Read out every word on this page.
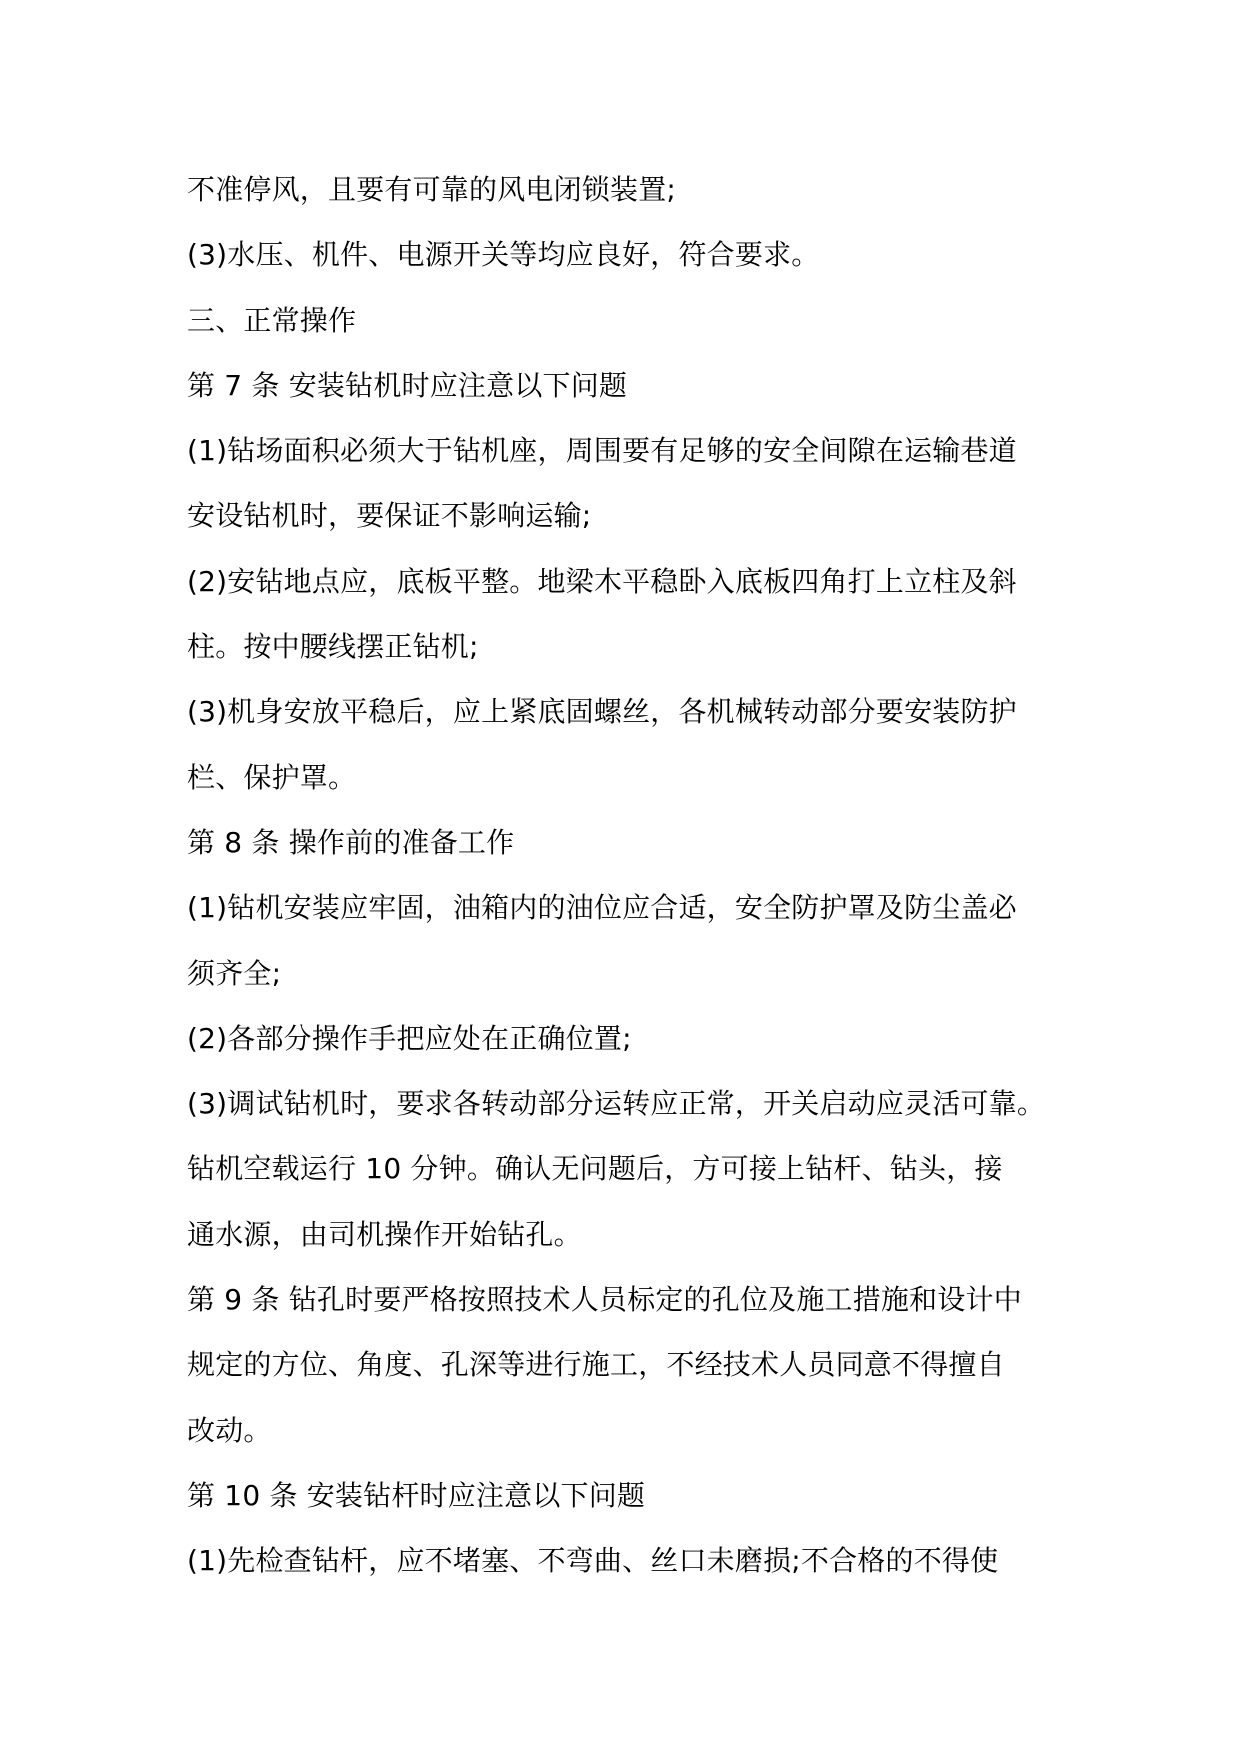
不准停风，且要有可靠的风电闭锁装置;
(3)水压、机件、电源开关等均应良好，符合要求。
三、正常操作
第 7 条 安装钻机时应注意以下问题
(1)钻场面积必须大于钻机座，周围要有足够的安全间隙在运输巷道
安设钻机时，要保证不影响运输;
(2)安钻地点应，底板平整。地梁木平稳卧入底板四角打上立柱及斜
柱。按中腰线摆正钻机;
(3)机身安放平稳后，应上紧底固螺丝，各机械转动部分要安装防护
栏、保护罩。
第 8 条 操作前的准备工作
(1)钻机安装应牢固，油箱内的油位应合适，安全防护罩及防尘盖必
须齐全;
(2)各部分操作手把应处在正确位置;
(3)调试钻机时，要求各转动部分运转应正常，开关启动应灵活可靠。
钻机空载运行 10 分钟。确认无问题后，方可接上钻杆、钻头，接
通水源，由司机操作开始钻孔。
第 9 条 钻孔时要严格按照技术人员标定的孔位及施工措施和设计中
规定的方位、角度、孔深等进行施工，不经技术人员同意不得擅自
改动。
第 10 条 安装钻杆时应注意以下问题
(1)先检查钻杆，应不堵塞、不弯曲、丝口未磨损;不合格的不得使
